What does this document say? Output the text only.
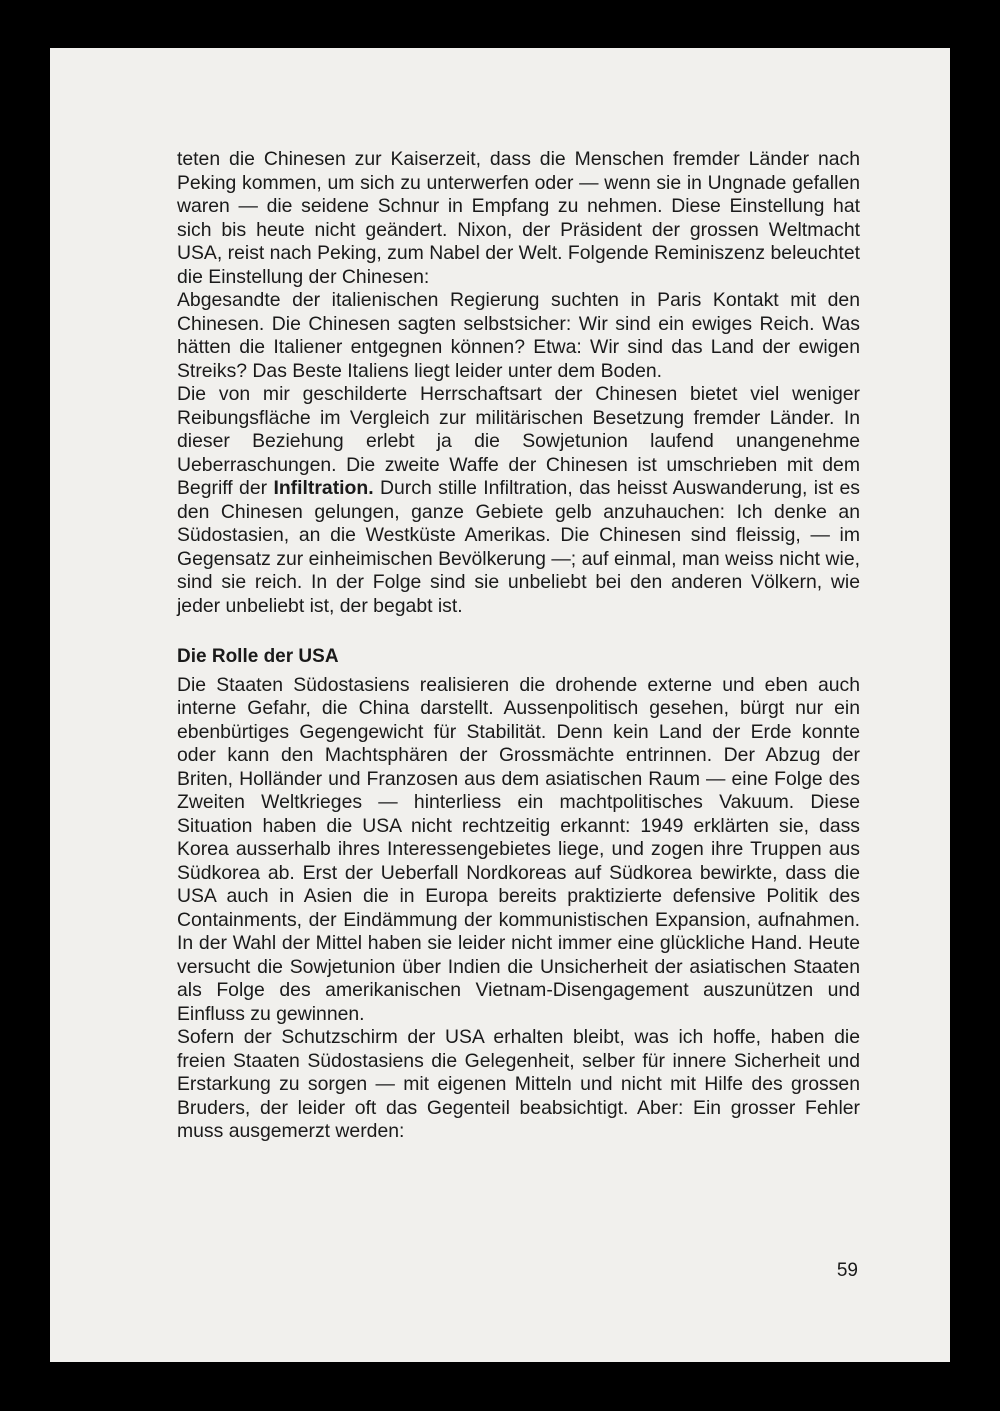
teten die Chinesen zur Kaiserzeit, dass die Menschen fremder Länder nach Peking kommen, um sich zu unterwerfen oder — wenn sie in Ungnade gefallen waren — die seidene Schnur in Empfang zu nehmen. Diese Einstellung hat sich bis heute nicht geändert. Nixon, der Präsident der grossen Weltmacht USA, reist nach Peking, zum Nabel der Welt. Folgende Reminiszenz beleuchtet die Einstellung der Chinesen:

Abgesandte der italienischen Regierung suchten in Paris Kontakt mit den Chinesen. Die Chinesen sagten selbstsicher: Wir sind ein ewiges Reich. Was hätten die Italiener entgegnen können? Etwa: Wir sind das Land der ewigen Streiks? Das Beste Italiens liegt leider unter dem Boden.

Die von mir geschilderte Herrschaftsart der Chinesen bietet viel weniger Reibungsfläche im Vergleich zur militärischen Besetzung fremder Länder. In dieser Beziehung erlebt ja die Sowjetunion laufend unangenehme Ueberraschungen. Die zweite Waffe der Chinesen ist umschrieben mit dem Begriff der Infiltration. Durch stille Infiltration, das heisst Auswanderung, ist es den Chinesen gelungen, ganze Gebiete gelb anzuhauchen: Ich denke an Südostasien, an die Westküste Amerikas. Die Chinesen sind fleissig, — im Gegensatz zur einheimischen Bevölkerung —; auf einmal, man weiss nicht wie, sind sie reich. In der Folge sind sie unbeliebt bei den anderen Völkern, wie jeder unbeliebt ist, der begabt ist.

Die Rolle der USA

Die Staaten Südostasiens realisieren die drohende externe und eben auch interne Gefahr, die China darstellt. Aussenpolitisch gesehen, bürgt nur ein ebenbürtiges Gegengewicht für Stabilität. Denn kein Land der Erde konnte oder kann den Machtsphären der Grossmächte entrinnen. Der Abzug der Briten, Holländer und Franzosen aus dem asiatischen Raum — eine Folge des Zweiten Weltkrieges — hinterliess ein machtpolitisches Vakuum. Diese Situation haben die USA nicht rechtzeitig erkannt: 1949 erklärten sie, dass Korea ausserhalb ihres Interessengebietes liege, und zogen ihre Truppen aus Südkorea ab. Erst der Ueberfall Nordkoreas auf Südkorea bewirkte, dass die USA auch in Asien die in Europa bereits praktizierte defensive Politik des Containments, der Eindämmung der kommunistischen Expansion, aufnahmen. In der Wahl der Mittel haben sie leider nicht immer eine glückliche Hand. Heute versucht die Sowjetunion über Indien die Unsicherheit der asiatischen Staaten als Folge des amerikanischen Vietnam-Disengagement auszunützen und Einfluss zu gewinnen.

Sofern der Schutzschirm der USA erhalten bleibt, was ich hoffe, haben die freien Staaten Südostasiens die Gelegenheit, selber für innere Sicherheit und Erstarkung zu sorgen — mit eigenen Mitteln und nicht mit Hilfe des grossen Bruders, der leider oft das Gegenteil beabsichtigt. Aber: Ein grosser Fehler muss ausgemerzt werden:

59
